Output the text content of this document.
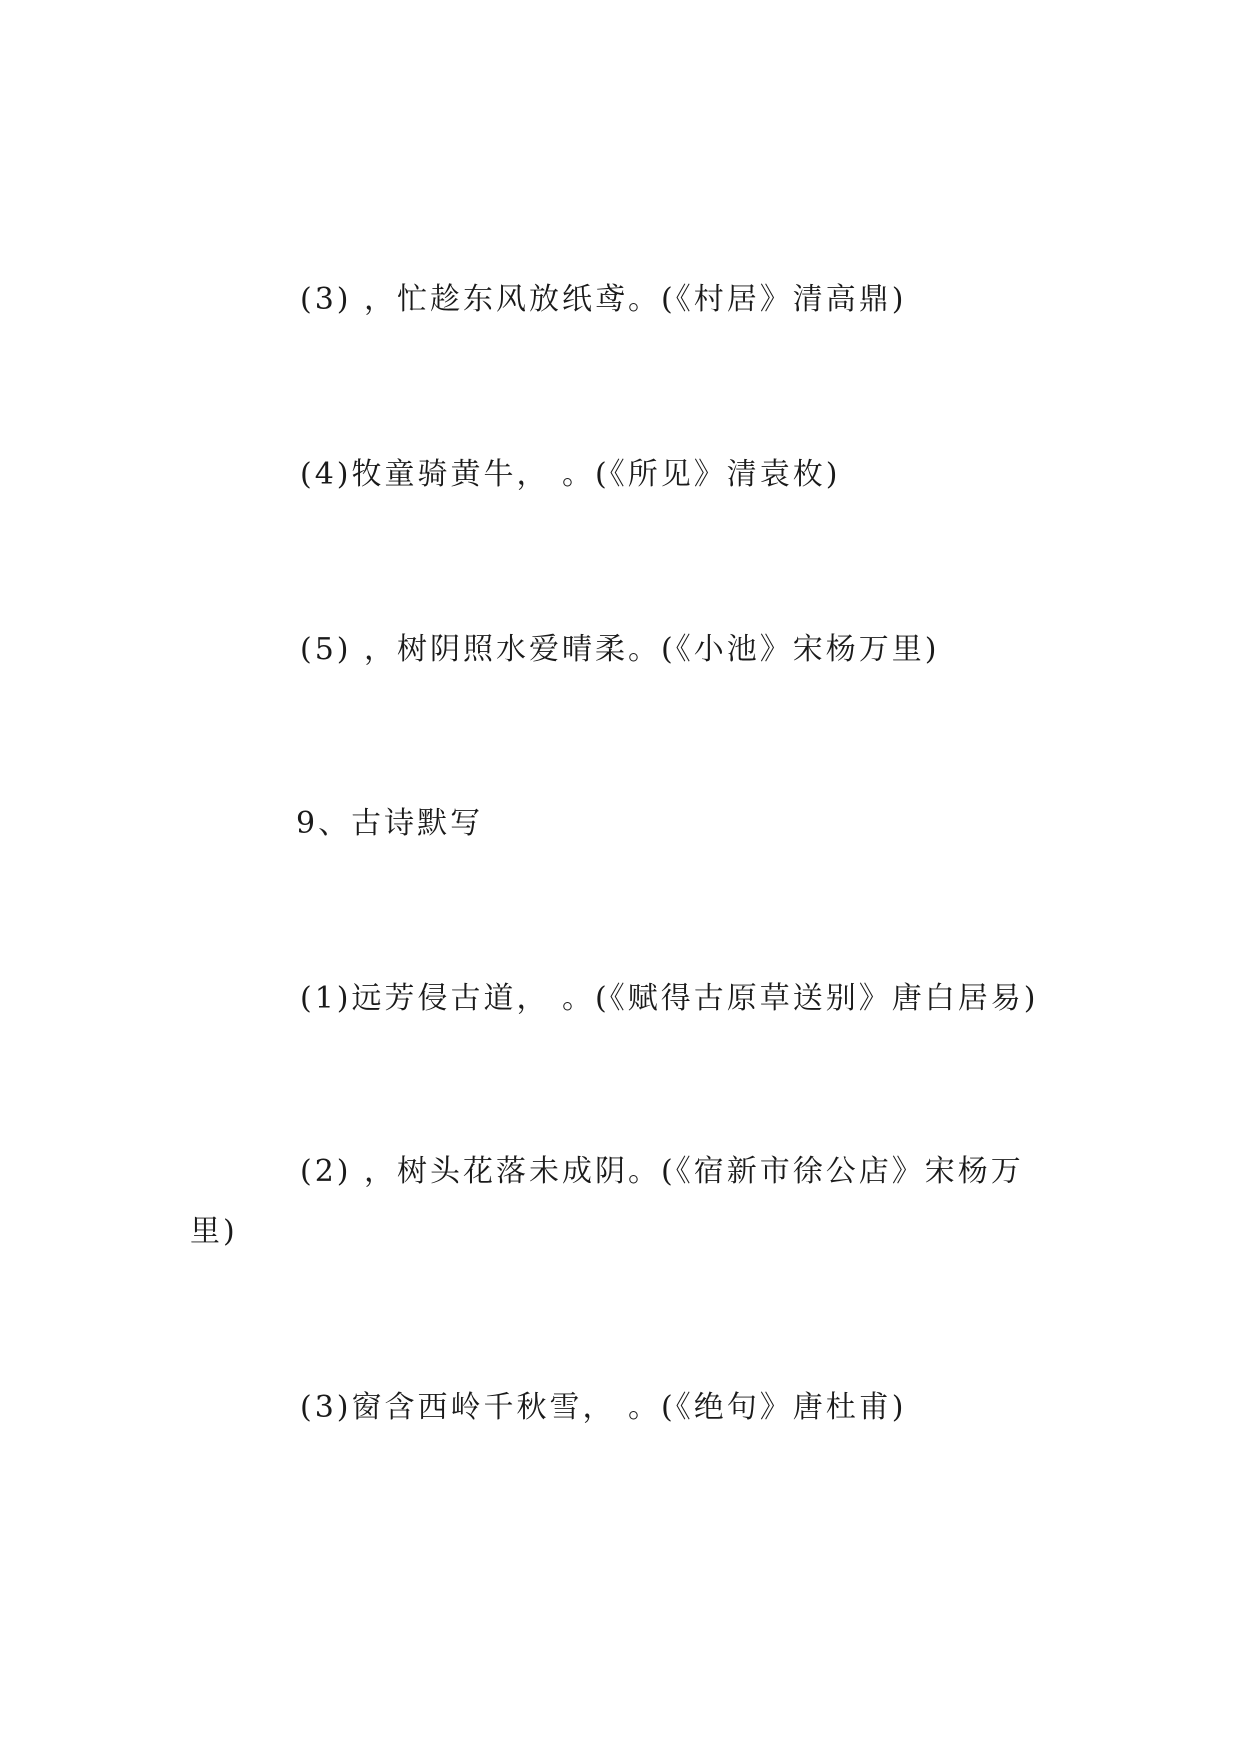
(3) ，忙趁东风放纸鸢。(《村居》清高鼎)
(4)牧童骑黄牛， 。(《所见》清袁枚)
(5) ，树阴照水爱晴柔。(《小池》宋杨万里)
9、古诗默写
(1)远芳侵古道， 。(《赋得古原草送别》唐白居易)
(2) ，树头花落未成阴。(《宿新市徐公店》宋杨万里)
(3)窗含西岭千秋雪， 。(《绝句》唐杜甫)
